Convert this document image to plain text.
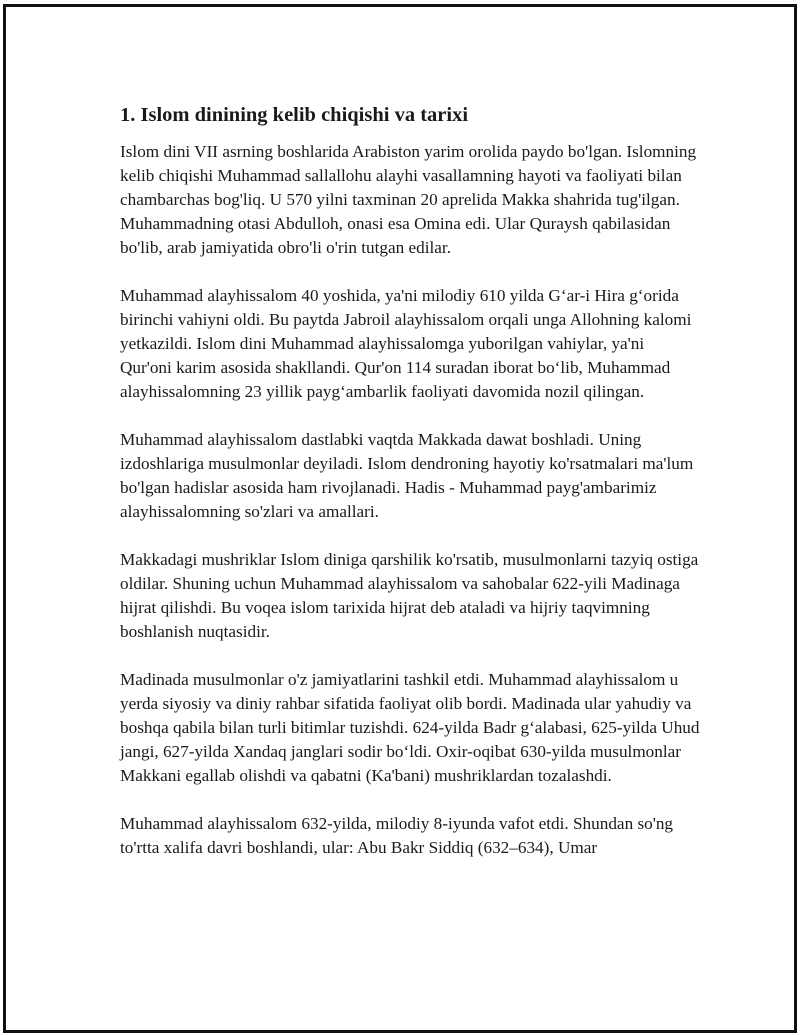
1. Islom dinining kelib chiqishi va tarixi

Islom dini VII asrning boshlarida Arabiston yarim orolida paydo bo'lgan. Islomning kelib chiqishi Muhammad sallallohu alayhi vasallamning hayoti va faoliyati bilan chambarchas bog'liq. U 570 yilni taxminan 20 aprelida Makka shahrida tug'ilgan. Muhammadning otasi Abdulloh, onasi esa Omina edi. Ular Quraysh qabilasidan bo'lib, arab jamiyatida obro'li o'rin tutgan edilar.

Muhammad alayhissalom 40 yoshida, ya'ni milodiy 610 yilda G‘ar-i Hira g‘orida birinchi vahiyni oldi. Bu paytda Jabroil alayhissalom orqali unga Allohning kalomi yetkazildi. Islom dini Muhammad alayhissalomga yuborilgan vahiylar, ya'ni Qur'oni karim asosida shakllandi. Qur'on 114 suradan iborat bo‘lib, Muhammad alayhissalomning 23 yillik payg‘ambarlik faoliyati davomida nozil qilingan.

Muhammad alayhissalom dastlabki vaqtda Makkada dawat boshladi. Uning izdoshlariga musulmonlar deyiladi. Islom dendroning hayotiy ko'rsatmalari ma'lum bo'lgan hadislar asosida ham rivojlanadi. Hadis - Muhammad payg'ambarimiz alayhissalomning so'zlari va amallari.

Makkadagi mushriklar Islom diniga qarshilik ko'rsatib, musulmonlarni tazyiq ostiga oldilar. Shuning uchun Muhammad alayhissalom va sahobalar 622-yili Madinaga hijrat qilishdi. Bu voqea islom tarixida hijrat deb ataladi va hijriy taqvimning boshlanish nuqtasidir.

Madinada musulmonlar o'z jamiyatlarini tashkil etdi. Muhammad alayhissalom u yerda siyosiy va diniy rahbar sifatida faoliyat olib bordi. Madinada ular yahudiy va boshqa qabila bilan turli bitimlar tuzishdi. 624-yilda Badr g‘alabasi, 625-yilda Uhud jangi, 627-yilda Xandaq janglari sodir bo‘ldi. Oxir-oqibat 630-yilda musulmonlar Makkani egallab olishdi va qabatni (Ka'bani) mushriklardan tozalashdi.

Muhammad alayhissalom 632-yilda, milodiy 8-iyunda vafot etdi. Shundan so'ng to'rtta xalifa davri boshlandi, ular: Abu Bakr Siddiq (632–634), Umar
